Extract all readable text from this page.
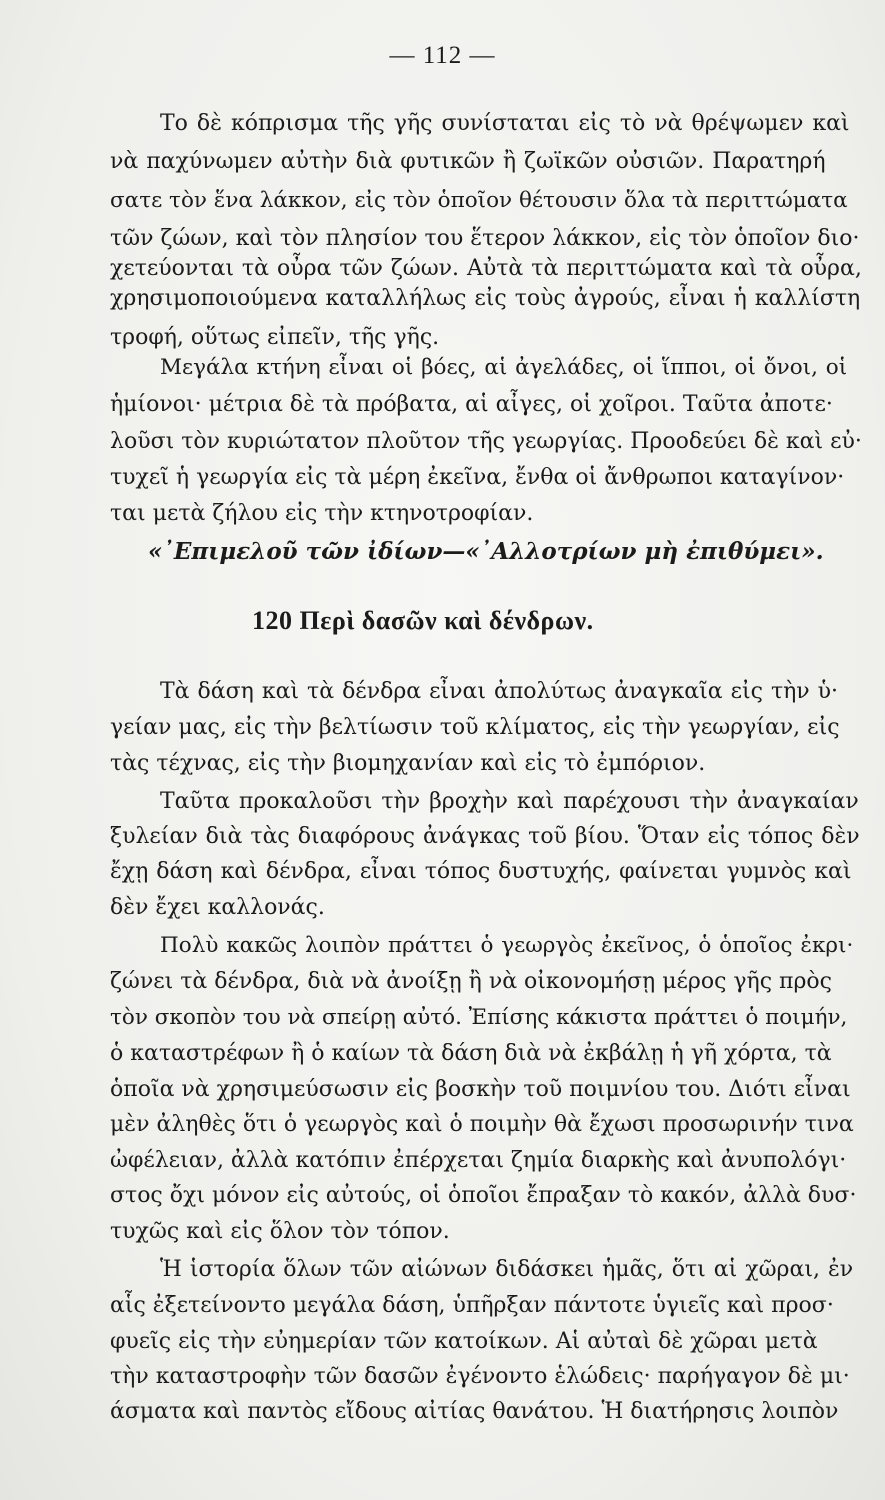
— 112 —
Το δὲ κόπρισμα τῆς γῆς συνίσταται εἰς τὸ νὰ θρέψωμεν καὶ
νὰ παχύνωμεν αὐτὴν διὰ φυτικῶν ἢ ζωϊκῶν οὐσιῶν. Παρατηρή
σατε τὸν ἕνα λάκκον, εἰς τὸν ὁποῖον θέτουσιν ὅλα τὰ περιττώματα
τῶν ζώων, καὶ τὸν πλησίον του ἕτερον λάκκον, εἰς τὸν ὁποῖον διο·
χετεύονται τὰ οὖρα τῶν ζώων. Αὐτὰ τὰ περιττώματα καὶ τὰ οὖρα,
χρησιμοποιούμενα καταλλήλως εἰς τοὺς ἀγρούς, εἶναι ἡ καλλίστη
τροφή, οὕτως εἰπεῖν, τῆς γῆς.
Μεγάλα κτήνη εἶναι οἱ βόες, αἱ ἀγελάδες, οἱ ἵπποι, οἱ ὄνοι, οἱ
ἡμίονοι· μέτρια δὲ τὰ πρόβατα, αἱ αἶγες, οἱ χοῖροι. Ταῦτα ἀποτε·
λοῦσι τὸν κυριώτατον πλοῦτον τῆς γεωργίας. Προοδεύει δὲ καὶ εὐ·
τυχεῖ ἡ γεωργία εἰς τὰ μέρη ἐκεῖνα, ἔνθα οἱ ἄνθρωποι καταγίνον·
ται μετὰ ζήλου εἰς τὴν κτηνοτροφίαν.
«᾿Επιμελοῦ τῶν ἰδίων—«᾿Αλλοτρίων μὴ ἐπιθύμει».
120 Περὶ δασῶν καὶ δένδρων.
Τὰ δάση καὶ τὰ δένδρα εἶναι ἀπολύτως ἀναγκαῖα εἰς τὴν ὑ·
γείαν μας, εἰς τὴν βελτίωσιν τοῦ κλίματος, εἰς τὴν γεωργίαν, εἰς
τὰς τέχνας, εἰς τὴν βιομηχανίαν καὶ εἰς τὸ ἐμπόριον.
Ταῦτα προκαλοῦσι τὴν βροχὴν καὶ παρέχουσι τὴν ἀναγκαίαν
ξυλείαν διὰ τὰς διαφόρους ἀνάγκας τοῦ βίου. Ὅταν εἰς τόπος δὲν
ἔχῃ δάση καὶ δένδρα, εἶναι τόπος δυστυχής, φαίνεται γυμνὸς καὶ
δὲν ἔχει καλλονάς.
Πολὺ κακῶς λοιπὸν πράττει ὁ γεωργὸς ἐκεῖνος, ὁ ὁποῖος ἐκρι·
ζώνει τὰ δένδρα, διὰ νὰ ἀνοίξῃ ἢ νὰ οἰκονομήσῃ μέρος γῆς πρὸς
τὸν σκοπὸν του νὰ σπείρῃ αὐτό. Ἐπίσης κάκιστα πράττει ὁ ποιμήν,
ὁ καταστρέφων ἢ ὁ καίων τὰ δάση διὰ νὰ ἐκβάλῃ ἡ γῆ χόρτα, τὰ
ὁποῖα νὰ χρησιμεύσωσιν εἰς βοσκὴν τοῦ ποιμνίου του. Διότι εἶναι
μὲν ἀληθὲς ὅτι ὁ γεωργὸς καὶ ὁ ποιμὴν θὰ ἔχωσι προσωρινήν τινα
ὠφέλειαν, ἀλλὰ κατόπιν ἐπέρχεται ζημία διαρκὴς καὶ ἀνυπολόγι·
στος ὄχι μόνον εἰς αὐτούς, οἱ ὁποῖοι ἔπραξαν τὸ κακόν, ἀλλὰ δυσ·
τυχῶς καὶ εἰς ὅλον τὸν τόπον.
Ἡ ἱστορία ὅλων τῶν αἰώνων διδάσκει ἡμᾶς, ὅτι αἱ χῶραι, ἐν
αἷς ἐξετείνοντο μεγάλα δάση, ὑπῆρξαν πάντοτε ὑγιεῖς καὶ προσ·
φυεῖς εἰς τὴν εὐημερίαν τῶν κατοίκων. Αἱ αὐταὶ δὲ χῶραι μετὰ
τὴν καταστροφὴν τῶν δασῶν ἐγένοντο ἑλώδεις· παρήγαγον δὲ μι·
άσματα καὶ παντὸς εἴδους αἰτίας θανάτου. Ἡ διατήρησις λοιπὸν
